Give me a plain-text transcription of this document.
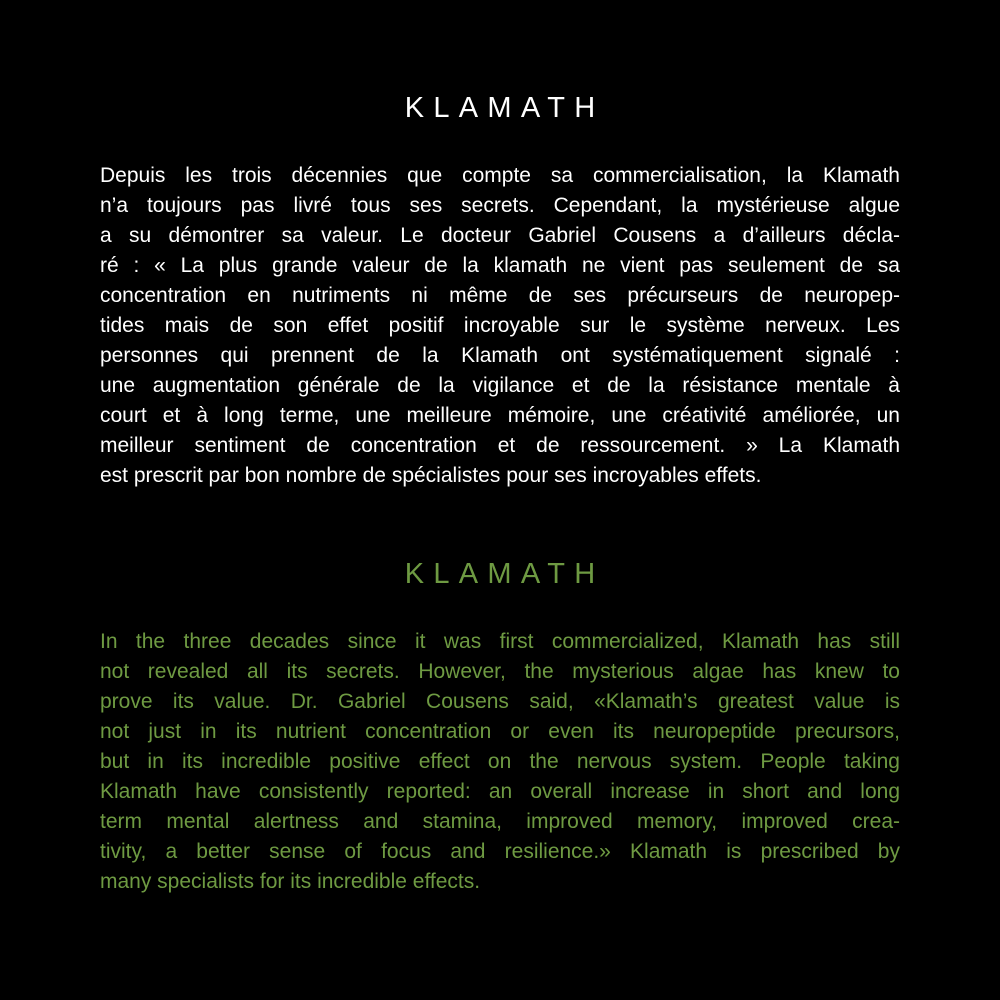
KLAMATH
Depuis les trois décennies que compte sa commercialisation, la Klamath
n’a toujours pas livré tous ses secrets. Cependant, la mystérieuse algue
a su démontrer sa valeur. Le docteur Gabriel Cousens a d’ailleurs décla-
ré : « La plus grande valeur de la klamath ne vient pas seulement de sa
concentration en nutriments ni même de ses précurseurs de neuropep-
tides mais de son effet positif incroyable sur le système nerveux. Les
personnes qui prennent de la Klamath ont systématiquement signalé :
une augmentation générale de la vigilance et de la résistance mentale à
court et à long terme, une meilleure mémoire, une créativité améliorée, un
meilleur sentiment de concentration et de ressourcement. » La Klamath
est prescrit par bon nombre de spécialistes pour ses incroyables effets.
KLAMATH
In the three decades since it was first commercialized, Klamath has still
not revealed all its secrets. However, the mysterious algae has knew to
prove its value. Dr. Gabriel Cousens said, «Klamath’s greatest value is
not just in its nutrient concentration or even its neuropeptide precursors,
but in its incredible positive effect on the nervous system. People taking
Klamath have consistently reported: an overall increase in short and long
term mental alertness and stamina, improved memory, improved crea-
tivity, a better sense of focus and resilience.» Klamath is prescribed by
many specialists for its incredible effects.
